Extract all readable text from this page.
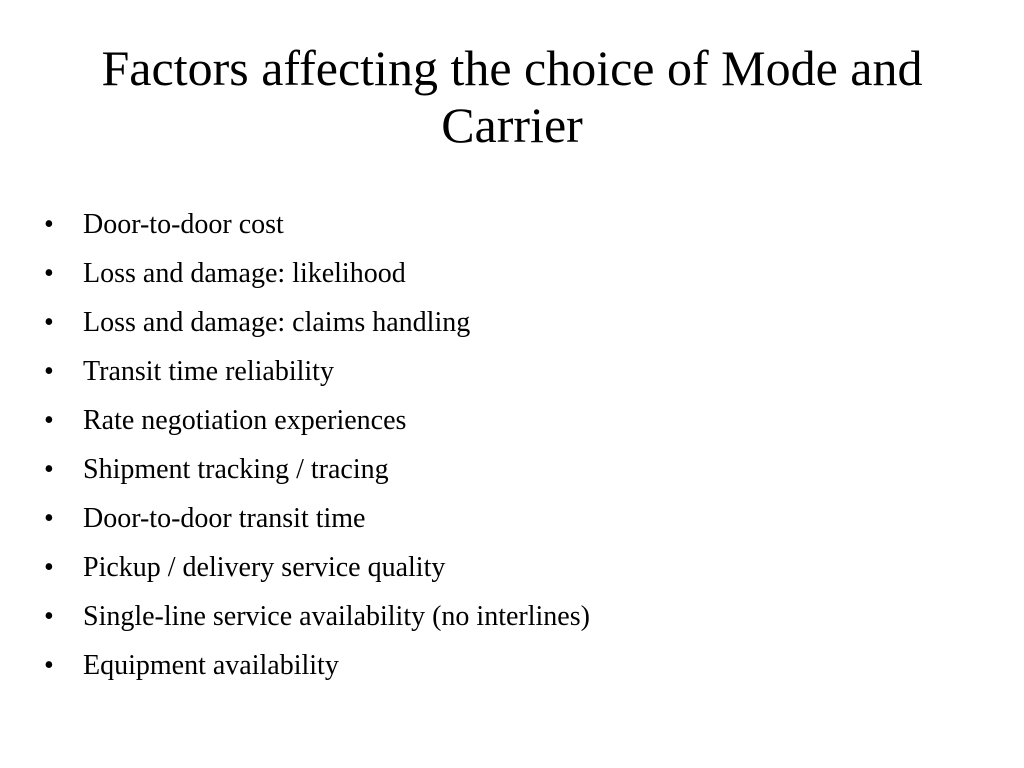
Factors affecting the choice of Mode and Carrier
•	Door-to-door cost
•	Loss and damage: likelihood
•	Loss and damage: claims handling
•	Transit time reliability
•	Rate negotiation experiences
•	Shipment tracking / tracing
•	Door-to-door transit time
•	Pickup / delivery service quality
•	Single-line service availability (no interlines)
•	Equipment availability
